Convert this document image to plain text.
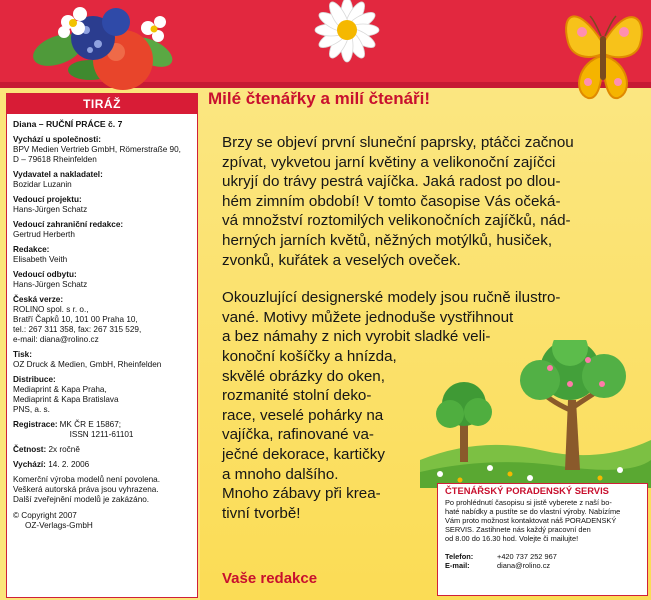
TIRÁŽ
Diana – RUČNÍ PRÁCE č. 7
Vychází u společnosti:
BPV Medien Vertrieb GmbH, Römerstraße 90,
D – 79618 Rheinfelden
Vydavatel a nakladatel:
Bozidar Luzanin
Vedoucí projektu:
Hans-Jürgen Schatz
Vedoucí zahraniční redakce:
Gertrud Herberth
Redakce:
Elisabeth Veith
Vedoucí odbytu:
Hans-Jürgen Schatz
Česká verze:
ROLINO spol. s r. o.,
Bratří Čapků 10, 101 00 Praha 10,
tel.: 267 311 358, fax: 267 315 529,
e-mail: diana@rolino.cz
Tisk:
OZ Druck & Medien, GmbH, Rheinfelden
Distribuce:
Mediaprint & Kapa Praha,
Mediaprint & Kapa Bratislava
PNS, a. s.
Registrace: MK ČR E 15867;
ISSN 1211-61101
Četnost: 2x ročně
Vychází: 14. 2. 2006
Komerční výroba modelů není povolena.
Veškerá autorská práva jsou vyhrazena.
Další zveřejnění modelů je zakázáno.
© Copyright 2007
OZ-Verlags-GmbH
Milé čtenářky a milí čtenáři!
Brzy se objeví první sluneční paprsky, ptáčci začnou
zpívat, vykvetou jarní květiny a velikonoční zajíčci
ukryjí do trávy pestrá vajíčka. Jaká radost po dlou-
hém zimním období! V tomto časopise Vás očeká-
vá množství roztomilých velikonočních zajíčků, nád-
herných jarních květů, něžných motýlků, husiček,
zvonků, kuřátek a veselých oveček.
Okouzlující designerské modely jsou ručně ilustro-
vané. Motivy můžete jednoduše vystřihnout
a bez námahy z nich vyrobit sladké veli-
konoční košíčky a hnízda,
skvělé obrázky do oken,
rozmanité stolní deko-
race, veselé pohárky na
vajíčka, rafinované va-
ječné dekorace, kartičky
a mnoho dalšího.
Mnoho zábavy při krea-
tivní tvorbě!
Vaše redakce
ČTENÁŘSKÝ PORADENSKÝ SERVIS
Po prohlédnutí časopisu si jistě vyberete z naší bo-
haté nabídky a pustíte se do vlastní výroby. Nabízíme
Vám proto možnost kontaktovat náš PORADENSKÝ
SERVIS. Zastihnete nás každý pracovní den
od 8.00 do 16.30 hod. Volejte či mailujte!
Telefon:	+420 737 252 967
E-mail:	diana@rolino.cz
